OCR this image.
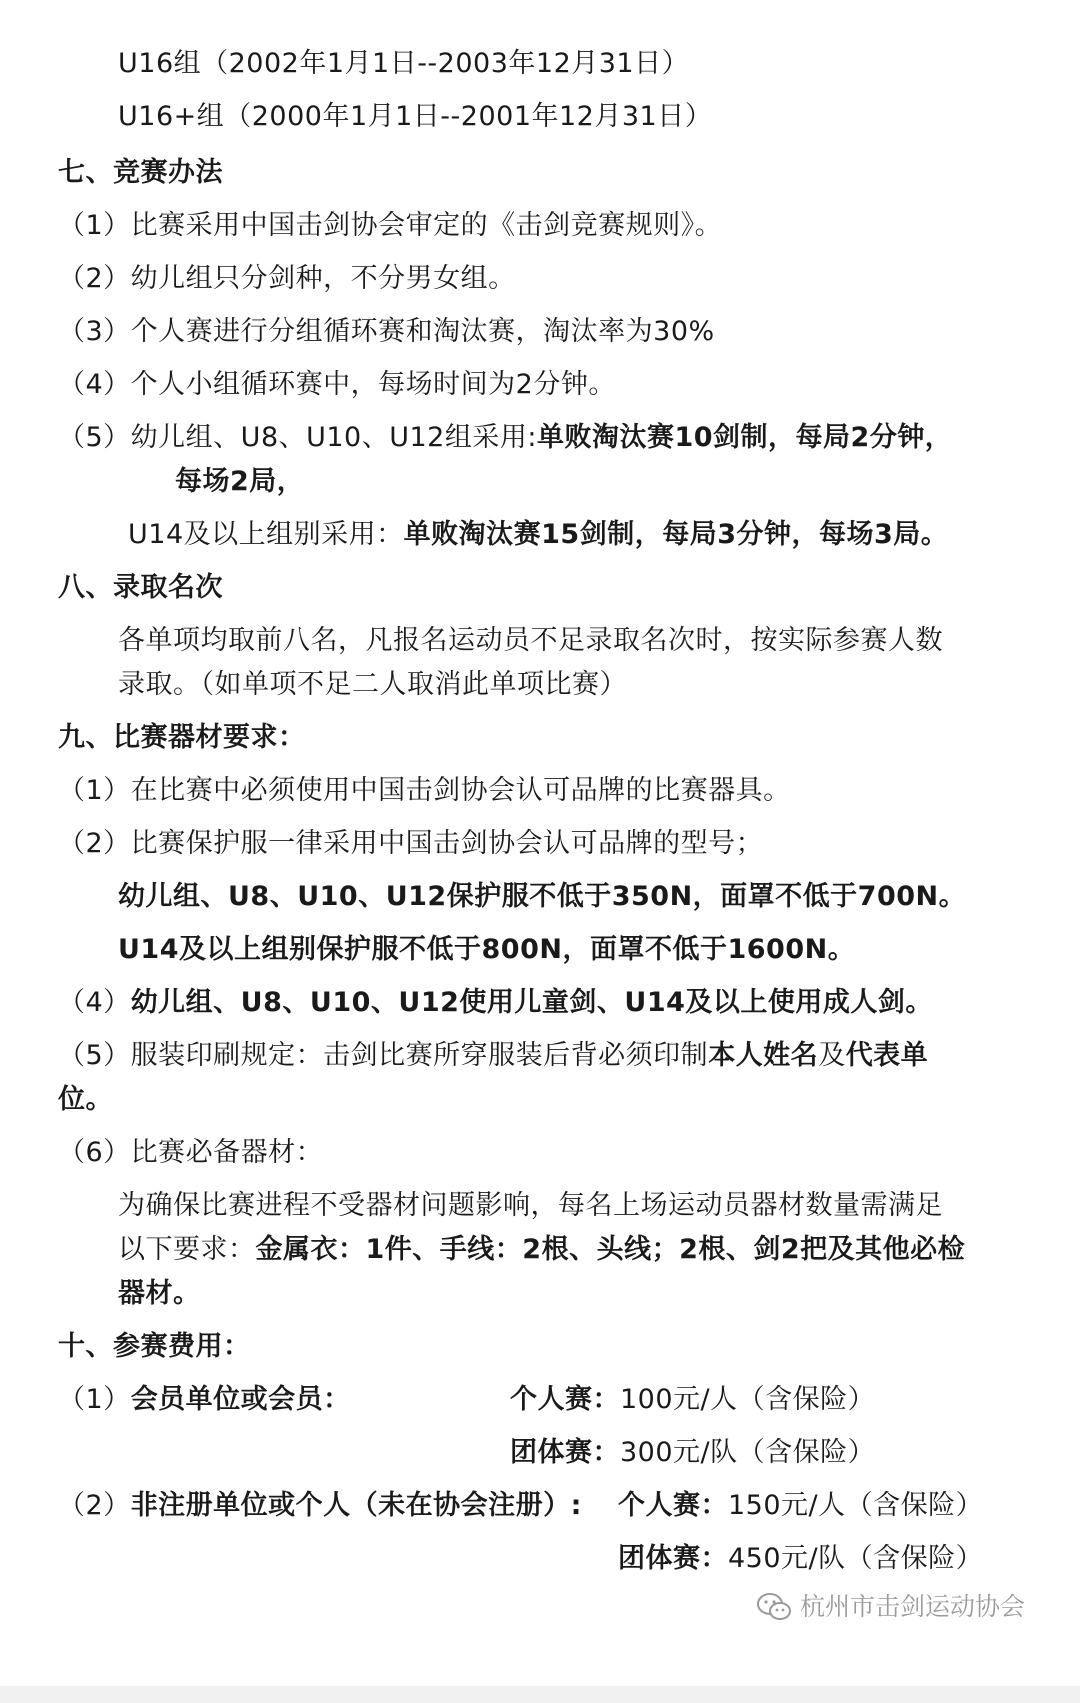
U16组（2002年1月1日--2003年12月31日）
U16+组（2000年1月1日--2001年12月31日）
七、竞赛办法
（1）比赛采用中国击剑协会审定的《击剑竞赛规则》。
（2）幼儿组只分剑种，不分男女组。
（3）个人赛进行分组循环赛和淘汰赛，淘汰率为30%
（4）个人小组循环赛中，每场时间为2分钟。
（5）幼儿组、U8、U10、U12组采用:单败淘汰赛10剑制，每局2分钟，
每场2局，
U14及以上组别采用：单败淘汰赛15剑制，每局3分钟，每场3局。
八、录取名次
各单项均取前八名，凡报名运动员不足录取名次时，按实际参赛人数
录取。（如单项不足二人取消此单项比赛）
九、比赛器材要求：
（1）在比赛中必须使用中国击剑协会认可品牌的比赛器具。
（2）比赛保护服一律采用中国击剑协会认可品牌的型号；
幼儿组、U8、U10、U12保护服不低于350N，面罩不低于700N。
U14及以上组别保护服不低于800N，面罩不低于1600N。
（4）幼儿组、U8、U10、U12使用儿童剑、U14及以上使用成人剑。
（5）服装印刷规定：击剑比赛所穿服装后背必须印制本人姓名及代表单
位。
（6）比赛必备器材：
为确保比赛进程不受器材问题影响，每名上场运动员器材数量需满足
以下要求：金属衣：1件、手线：2根、头线；2根、剑2把及其他必检
器材。
十、参赛费用：
（1）会员单位或会员：	个人赛：100元/人（含保险）
团体赛：300元/队（含保险）
（2）非注册单位或个人（未在协会注册）: 个人赛：150元/人（含保险）
团体赛：450元/队（含保险）
杭州市击剑运动协会
